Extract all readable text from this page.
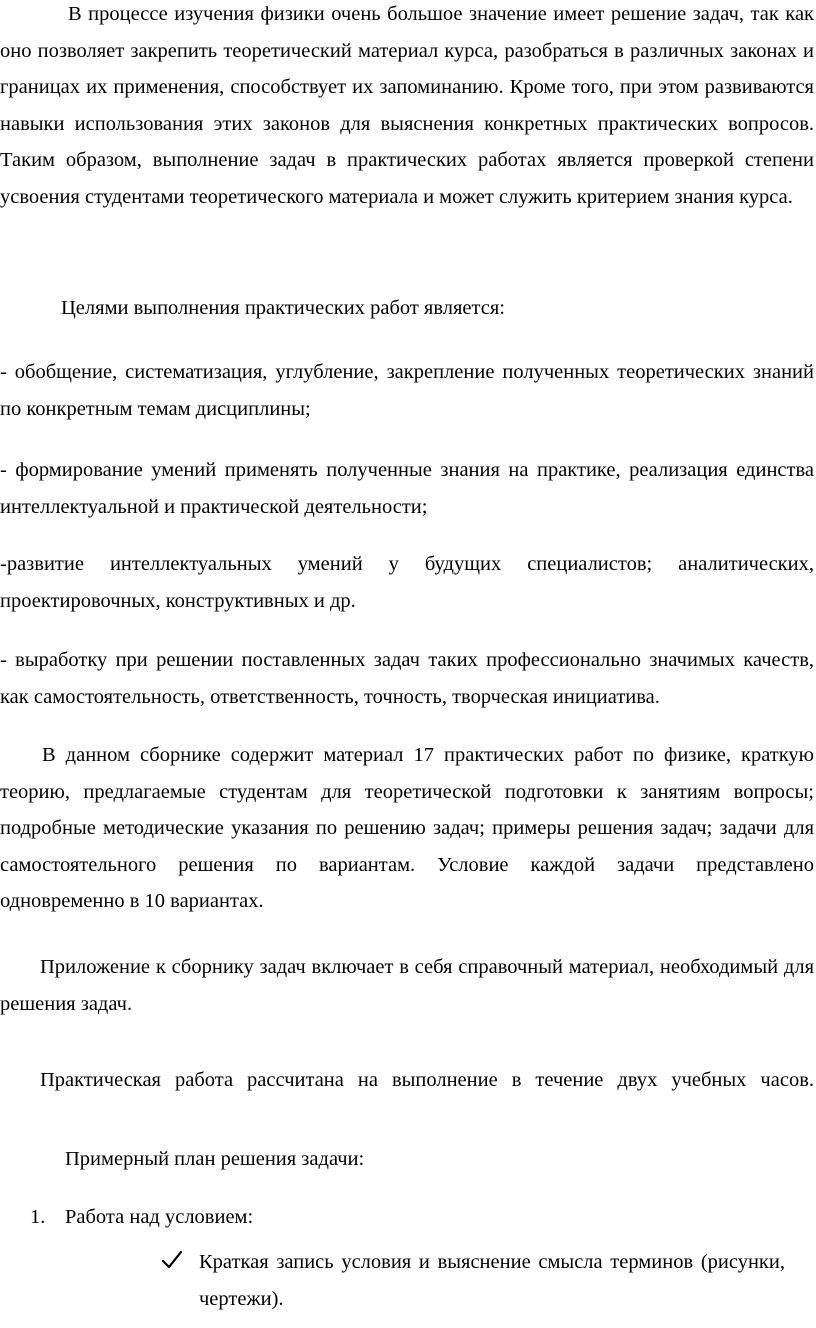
В процессе изучения физики очень большое значение имеет решение задач, так как оно позволяет закрепить теоретический материал курса, разобраться в различных законах и границах их применения, способствует их запоминанию. Кроме того, при этом развиваются навыки использования этих законов для выяснения конкретных практических вопросов. Таким образом, выполнение задач в практических работах является проверкой степени усвоения студентами теоретического материала и может служить критерием знания курса.

Целями выполнения практических работ является:

- обобщение, систематизация, углубление, закрепление полученных теоретических знаний по конкретным темам дисциплины;

- формирование умений применять полученные знания на практике, реализация единства интеллектуальной и практической деятельности;

-развитие интеллектуальных умений у будущих специалистов; аналитических, проектировочных, конструктивных и др.

- выработку при решении поставленных задач таких профессионально значимых качеств, как самостоятельность, ответственность, точность, творческая инициатива.

В данном сборнике содержит материал 17 практических работ по физике, краткую теорию, предлагаемые студентам для теоретической подготовки к занятиям вопросы; подробные методические указания по решению задач; примеры решения задач; задачи для самостоятельного решения по вариантам. Условие каждой задачи представлено одновременно в 10 вариантах.

Приложение к сборнику задач включает в себя справочный материал, необходимый для решения задач.

Практическая работа рассчитана на выполнение в течение двух учебных часов.

Примерный план решения задачи:

1. Работа над условием:

Краткая запись условия и выяснение смысла терминов (рисунки, чертежи).
